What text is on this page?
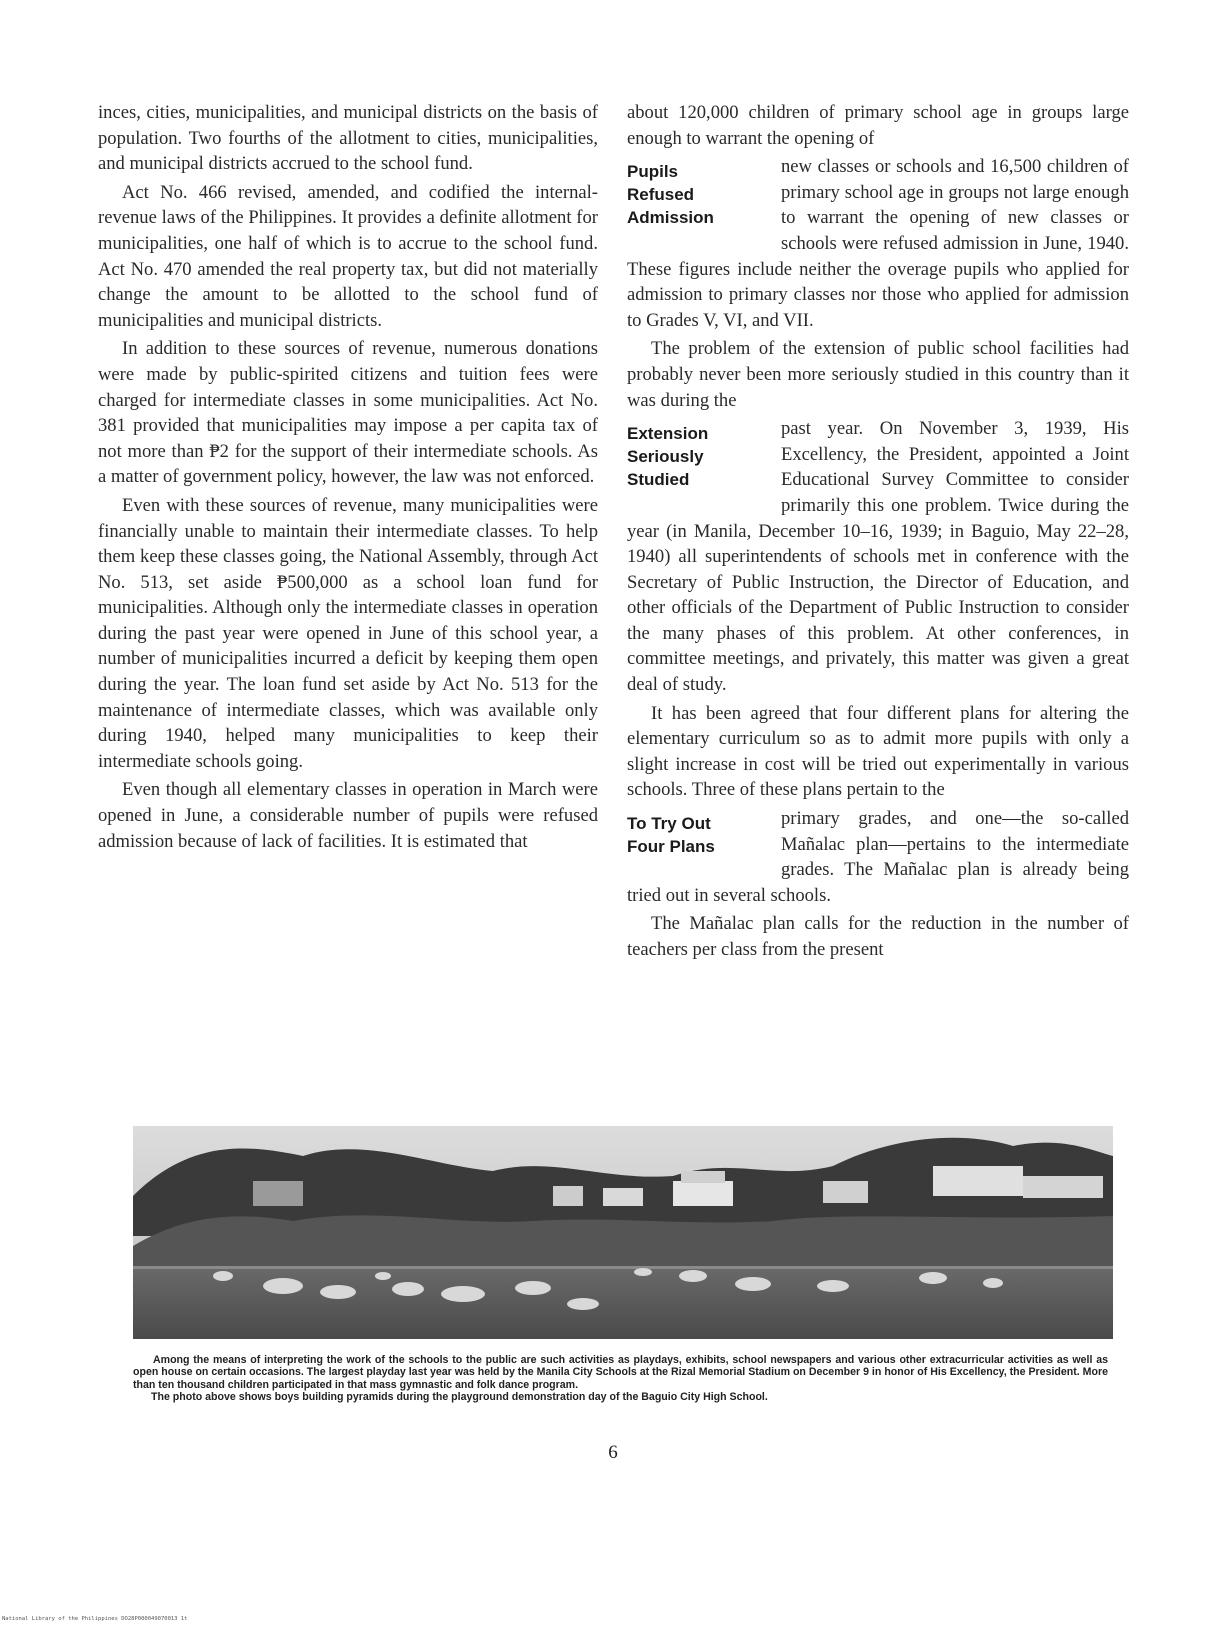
inces, cities, municipalities, and municipal districts on the basis of population. Two fourths of the allotment to cities, municipalities, and municipal districts accrued to the school fund.

Act No. 466 revised, amended, and codified the internal-revenue laws of the Philippines. It provides a definite allotment for municipalities, one half of which is to accrue to the school fund. Act No. 470 amended the real property tax, but did not materially change the amount to be allotted to the school fund of municipalities and municipal districts.

In addition to these sources of revenue, numerous donations were made by public-spirited citizens and tuition fees were charged for intermediate classes in some municipalities. Act No. 381 provided that municipalities may impose a per capita tax of not more than ₱2 for the support of their intermediate schools. As a matter of government policy, however, the law was not enforced.

Even with these sources of revenue, many municipalities were financially unable to maintain their intermediate classes. To help them keep these classes going, the National Assembly, through Act No. 513, set aside ₱500,000 as a school loan fund for municipalities. Although only the intermediate classes in operation during the past year were opened in June of this school year, a number of municipalities incurred a deficit by keeping them open during the year. The loan fund set aside by Act No. 513 for the maintenance of intermediate classes, which was available only during 1940, helped many municipalities to keep their intermediate schools going.

Even though all elementary classes in operation in March were opened in June, a considerable number of pupils were refused admission because of lack of facilities. It is estimated that

about 120,000 children of primary school age in groups large enough to warrant the opening of

Pupils
Refused
Admission

new classes or schools and 16,500 children of primary school age in groups not large enough to warrant the opening of new classes or schools were refused admission in June, 1940. These figures include neither the overage pupils who applied for admission to primary classes nor those who applied for admission to Grades V, VI, and VII.

The problem of the extension of public school facilities had probably never been more seriously studied in this country than it was during the

Extension
Seriously
Studied

past year. On November 3, 1939, His Excellency, the President, appointed a Joint Educational Survey Committee to consider primarily this one problem. Twice during the year (in Manila, December 10–16, 1939; in Baguio, May 22–28, 1940) all superintendents of schools met in conference with the Secretary of Public Instruction, the Director of Education, and other officials of the Department of Public Instruction to consider the many phases of this problem. At other conferences, in committee meetings, and privately, this matter was given a great deal of study.

It has been agreed that four different plans for altering the elementary curriculum so as to admit more pupils with only a slight increase in cost will be tried out experimentally in various schools. Three of these plans pertain to the

To Try Out
Four Plans

primary grades, and one—the so-called Mañalac plan—pertains to the intermediate grades. The Mañalac plan is already being tried out in several schools.

The Mañalac plan calls for the reduction in the number of teachers per class from the present

Among the means of interpreting the work of the schools to the public are such activities as playdays, exhibits, school newspapers and various other extracurricular activities as well as open house on certain occasions. The largest playday last year was held by the Manila City Schools at the Rizal Memorial Stadium on December 9 in honor of His Excellency, the President. More than ten thousand children participated in that mass gymnastic and folk dance program.

The photo above shows boys building pyramids during the playground demonstration day of the Baguio City High School.

6
National Library of the Philippines DO28P000049070013 1t
